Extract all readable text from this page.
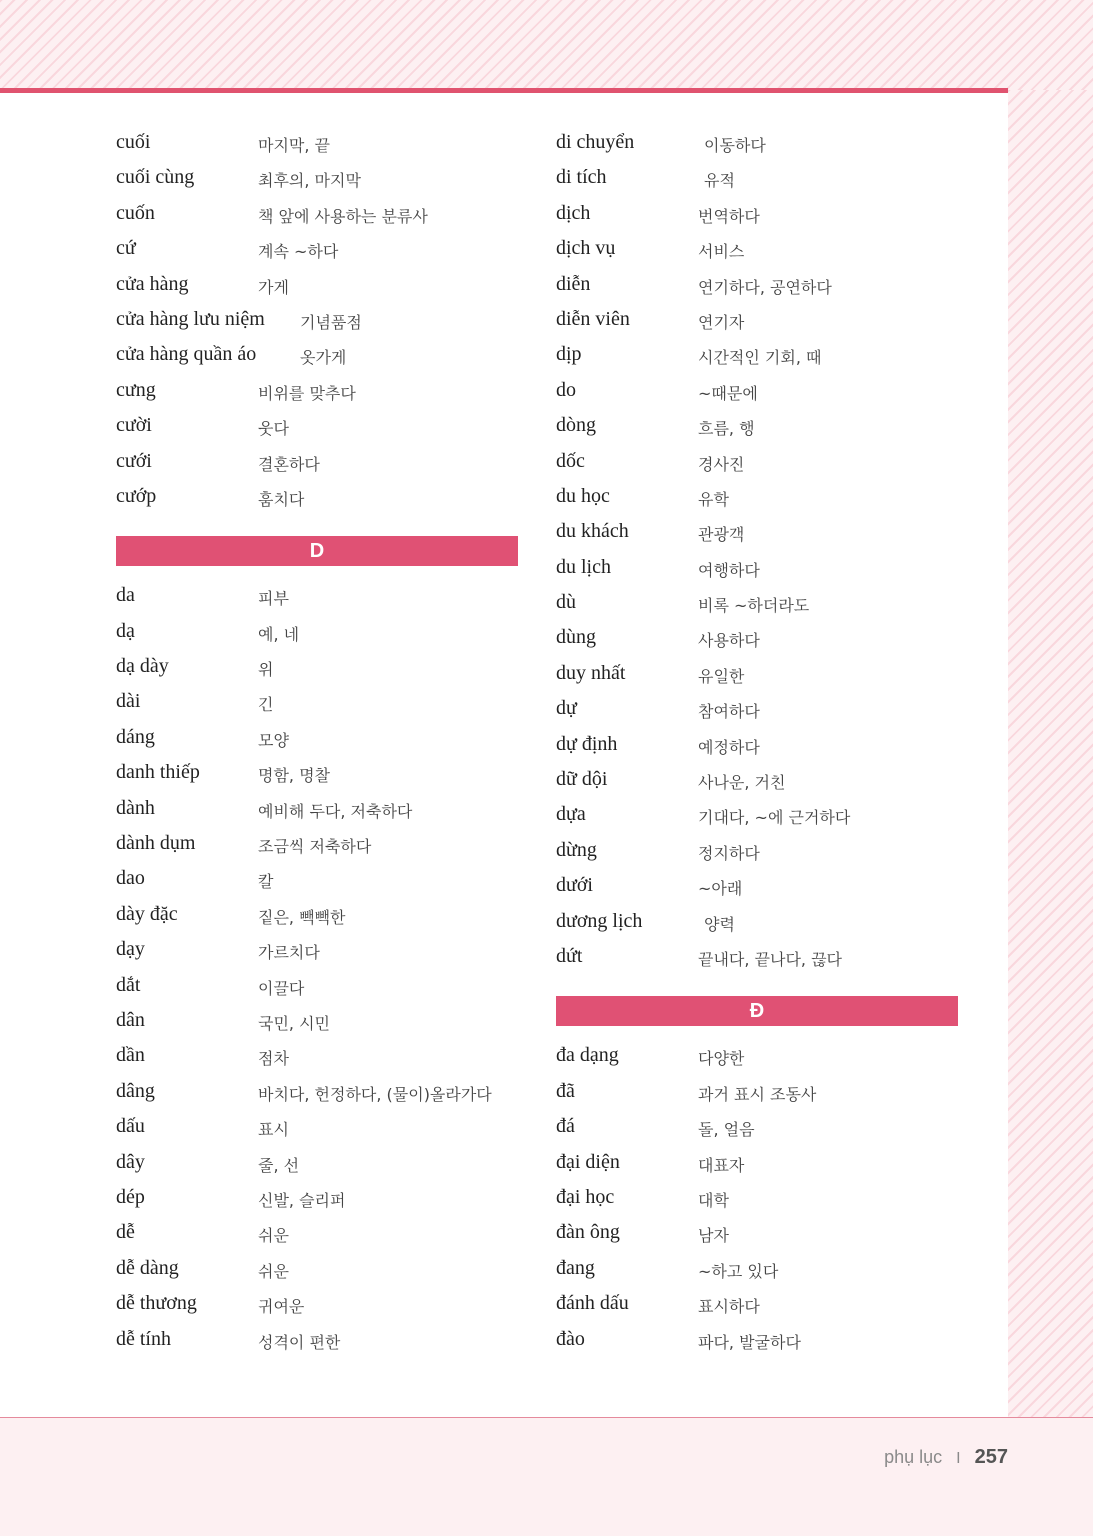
cuối	마지막, 끝
cuối cùng	최후의, 마지막
cuốn	책 앞에 사용하는 분류사
cứ	계속 ~하다
cửa hàng	가게
cửa hàng lưu niệm 기념품점
cửa hàng quần áo	옷가게
cưng	비위를 맞추다
cười	웃다
cưới	결혼하다
cướp	훔치다
D
da	피부
dạ	예, 네
dạ dày	위
dài	긴
dáng	모양
danh thiếp	명함, 명찰
dành	예비해 두다, 저축하다
dành dụm	조금씩 저축하다
dao	칼
dày đặc	짙은, 빽빽한
dạy	가르치다
dắt	이끌다
dân	국민, 시민
dần	점차
dâng	바치다, 헌정하다, (물이)올라가다
dấu	표시
dây	줄, 선
dép	신발, 슬리퍼
dễ	쉬운
dễ dàng	쉬운
dễ thương	귀여운
dễ tính	성격이 편한
di chuyển	이동하다
di tích	유적
dịch	번역하다
dịch vụ	서비스
diễn	연기하다, 공연하다
diễn viên	연기자
dịp	시간적인 기회, 때
do	~때문에
dòng	흐름, 행
dốc	경사진
du học	유학
du khách	관광객
du lịch	여행하다
dù	비록 ~하더라도
dùng	사용하다
duy nhất	유일한
dự	참여하다
dự định	예정하다
dữ dội	사나운, 거친
dựa	기대다, ~에 근거하다
dừng	정지하다
dưới	~아래
dương lịch	양력
dứt	끝내다, 끝나다, 끊다
Đ
đa dạng	다양한
đã	과거 표시 조동사
đá	돌, 얼음
đại diện	대표자
đại học	대학
đàn ông	남자
đang	~하고 있다
đánh dấu	표시하다
đào	파다, 발굴하다
phụ lục I 257
